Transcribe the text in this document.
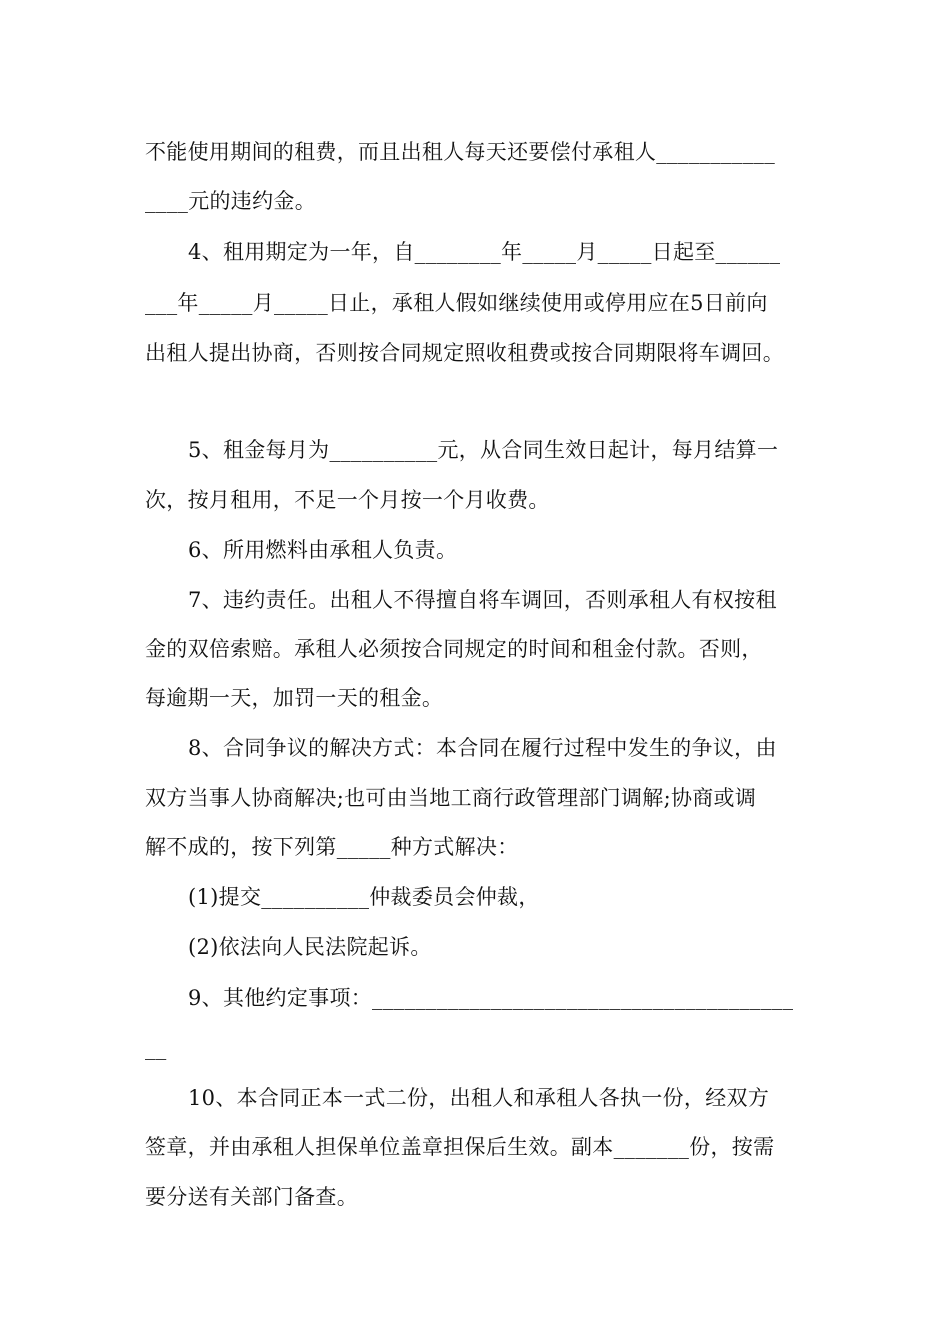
不能使用期间的租费，而且出租人每天还要偿付承租人___________
____元的违约金。
4、租用期定为一年，自________年_____月_____日起至______
___年_____月_____日止，承租人假如继续使用或停用应在5日前向
出租人提出协商，否则按合同规定照收租费或按合同期限将车调回。
5、租金每月为__________元，从合同生效日起计，每月结算一
次，按月租用，不足一个月按一个月收费。
6、所用燃料由承租人负责。
7、违约责任。出租人不得擅自将车调回，否则承租人有权按租
金的双倍索赔。承租人必须按合同规定的时间和租金付款。否则，
每逾期一天，加罚一天的租金。
8、合同争议的解决方式：本合同在履行过程中发生的争议，由
双方当事人协商解决;也可由当地工商行政管理部门调解;协商或调
解不成的，按下列第_____种方式解决：
(1)提交__________仲裁委员会仲裁，
(2)依法向人民法院起诉。
9、其他约定事项：_______________________________________
__
10、本合同正本一式二份，出租人和承租人各执一份，经双方
签章，并由承租人担保单位盖章担保后生效。副本_______份，按需
要分送有关部门备查。
